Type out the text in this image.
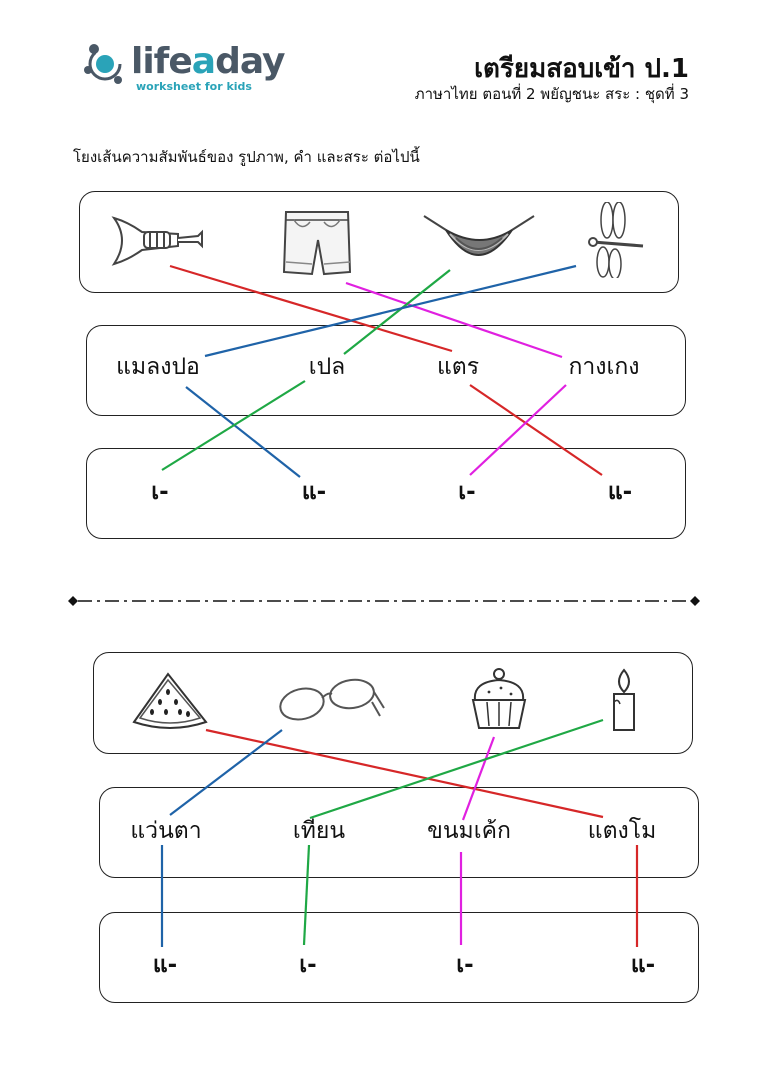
lifeaday
worksheet for kids
เตรียมสอบเข้า ป.1
ภาษาไทย ตอนที่ 2 พยัญชนะ สระ : ชุดที่ 3
โยงเส้นความสัมพันธ์ของ รูปภาพ, คำ และสระ ต่อไปนี้
แมลงปอ	เปล	แตร	กางเกง
เ-	แ-	เ-	แ-
แว่นตา	เทียน	ขนมเค้ก	แตงโม
แ-	เ-	เ-	แ-
